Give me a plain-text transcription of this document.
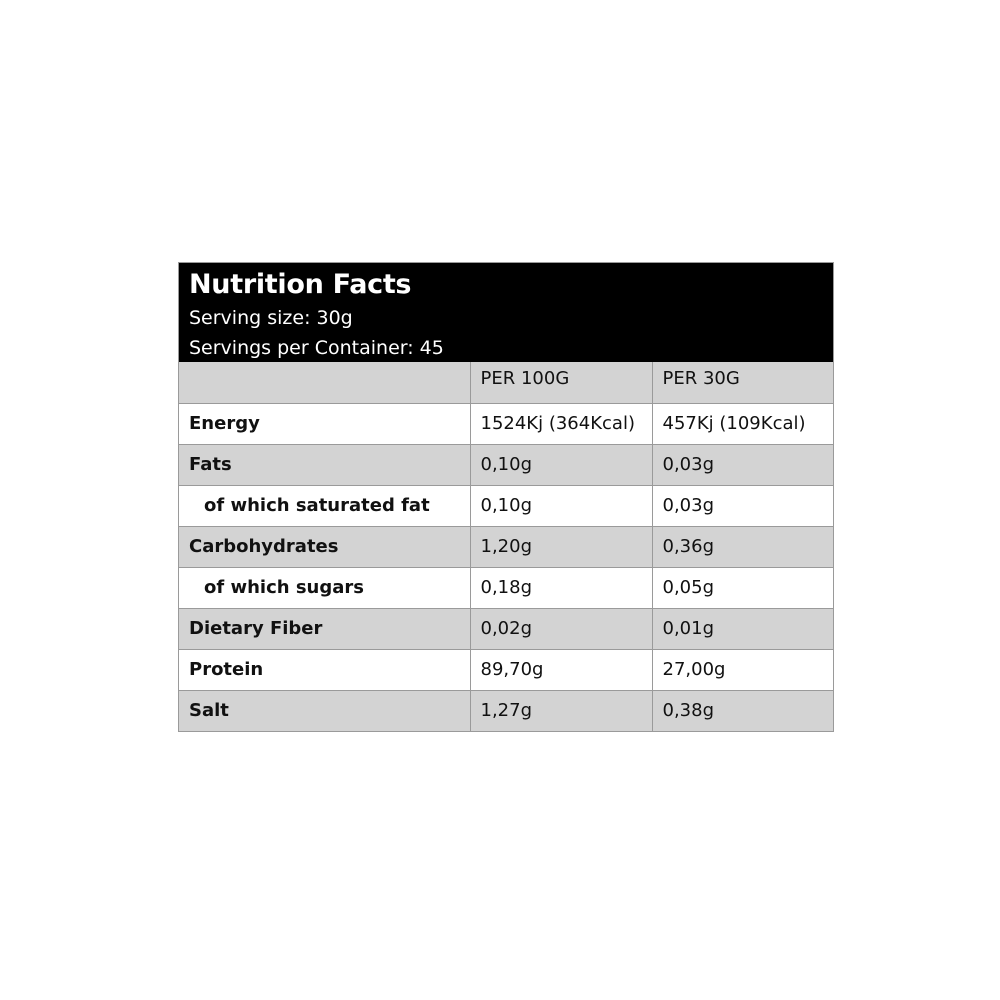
Nutrition Facts
Serving size: 30g
Servings per Container: 45
	PER 100G	PER 30G
Energy	1524Kj (364Kcal)	457Kj (109Kcal)
Fats	0,10g	0,03g
of which saturated fat	0,10g	0,03g
Carbohydrates	1,20g	0,36g
of which sugars	0,18g	0,05g
Dietary Fiber	0,02g	0,01g
Protein	89,70g	27,00g
Salt	1,27g	0,38g
